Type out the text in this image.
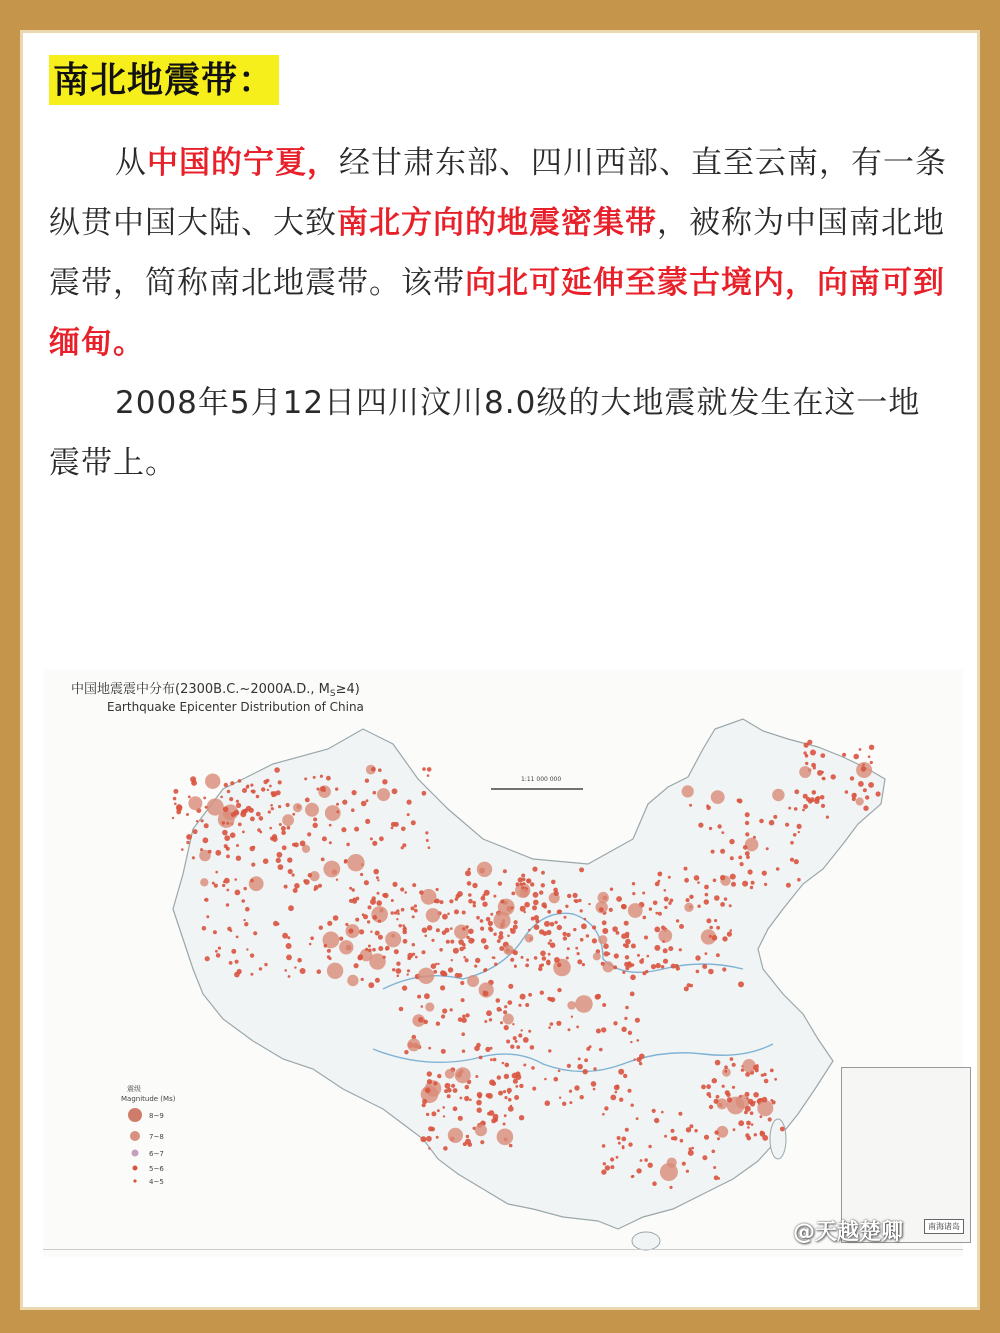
南北地震带：
从中国的宁夏，经甘肃东部、四川西部、直至云南，有一条纵贯中国大陆、大致南北方向的地震密集带，被称为中国南北地震带，简称南北地震带。该带向北可延伸至蒙古境内，向南可到缅甸。
2008年5月12日四川汶川8.0级的大地震就发生在这一地震带上。
中国地震震中分布(2300B.C.~2000A.D., $M_S\ge 4$)
Earthquake Epicenter Distribution of China
1:11 000 000
震级
Magnitude (Ms)
8~9
7~8
6~7
5~6
4~5
南海诸岛
@天越楚卿
